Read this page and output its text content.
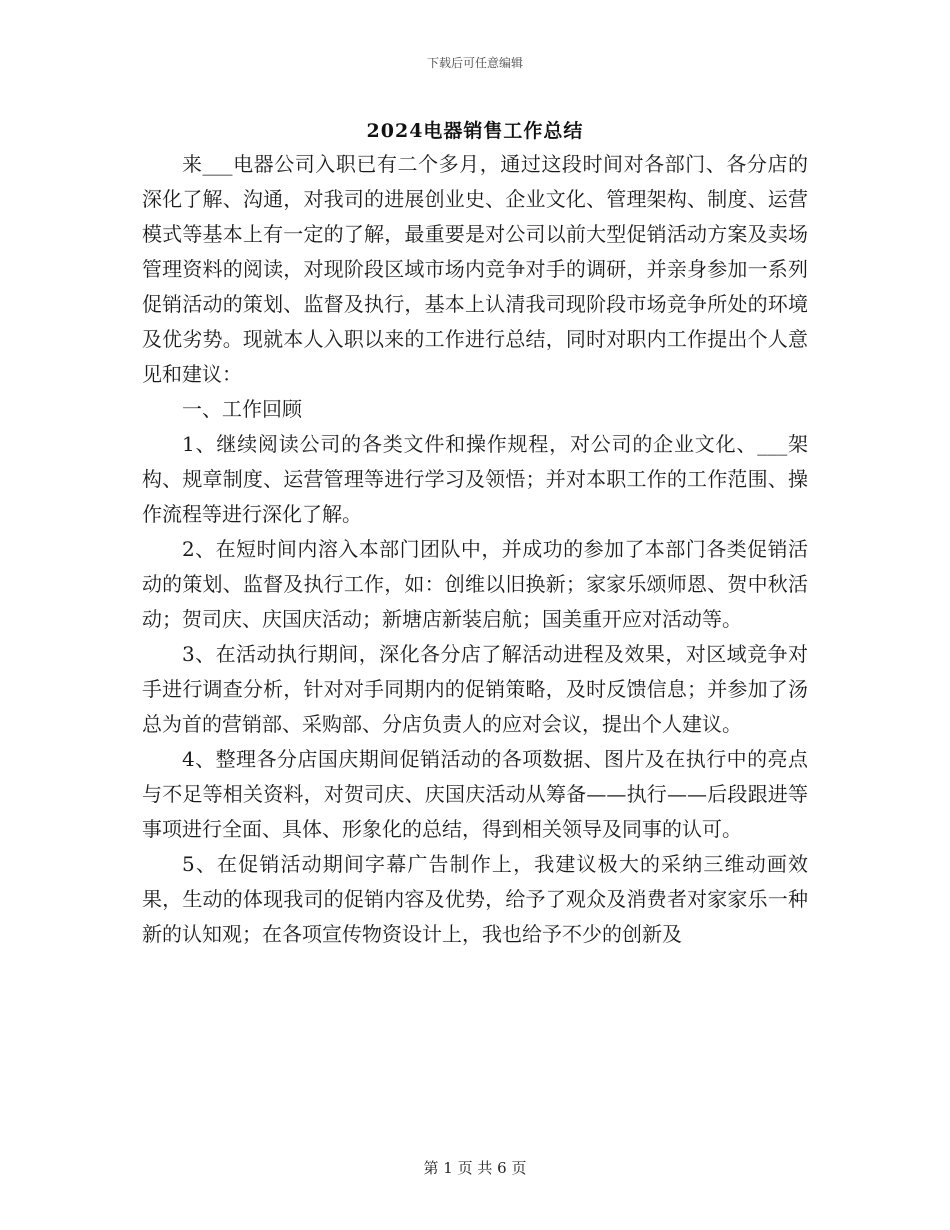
下载后可任意编辑
2024电器销售工作总结

来___电器公司入职已有二个多月，通过这段时间对各部门、各分店的深化了解、沟通，对我司的进展创业史、企业文化、管理架构、制度、运营模式等基本上有一定的了解，最重要是对公司以前大型促销活动方案及卖场管理资料的阅读，对现阶段区域市场内竞争对手的调研，并亲身参加一系列促销活动的策划、监督及执行，基本上认清我司现阶段市场竞争所处的环境及优劣势。现就本人入职以来的工作进行总结，同时对职内工作提出个人意见和建议：

一、工作回顾

1、继续阅读公司的各类文件和操作规程，对公司的企业文化、___架构、规章制度、运营管理等进行学习及领悟；并对本职工作的工作范围、操作流程等进行深化了解。

2、在短时间内溶入本部门团队中，并成功的参加了本部门各类促销活动的策划、监督及执行工作，如：创维以旧换新；家家乐颂师恩、贺中秋活动；贺司庆、庆国庆活动；新塘店新装启航；国美重开应对活动等。

3、在活动执行期间，深化各分店了解活动进程及效果，对区域竞争对手进行调查分析，针对对手同期内的促销策略，及时反馈信息；并参加了汤总为首的营销部、采购部、分店负责人的应对会议，提出个人建议。

4、整理各分店国庆期间促销活动的各项数据、图片及在执行中的亮点与不足等相关资料，对贺司庆、庆国庆活动从筹备——执行——后段跟进等事项进行全面、具体、形象化的总结，得到相关领导及同事的认可。

5、在促销活动期间字幕广告制作上，我建议极大的采纳三维动画效果，生动的体现我司的促销内容及优势，给予了观众及消费者对家家乐一种新的认知观；在各项宣传物资设计上，我也给予不少的创新及

第 1 页 共 6 页
